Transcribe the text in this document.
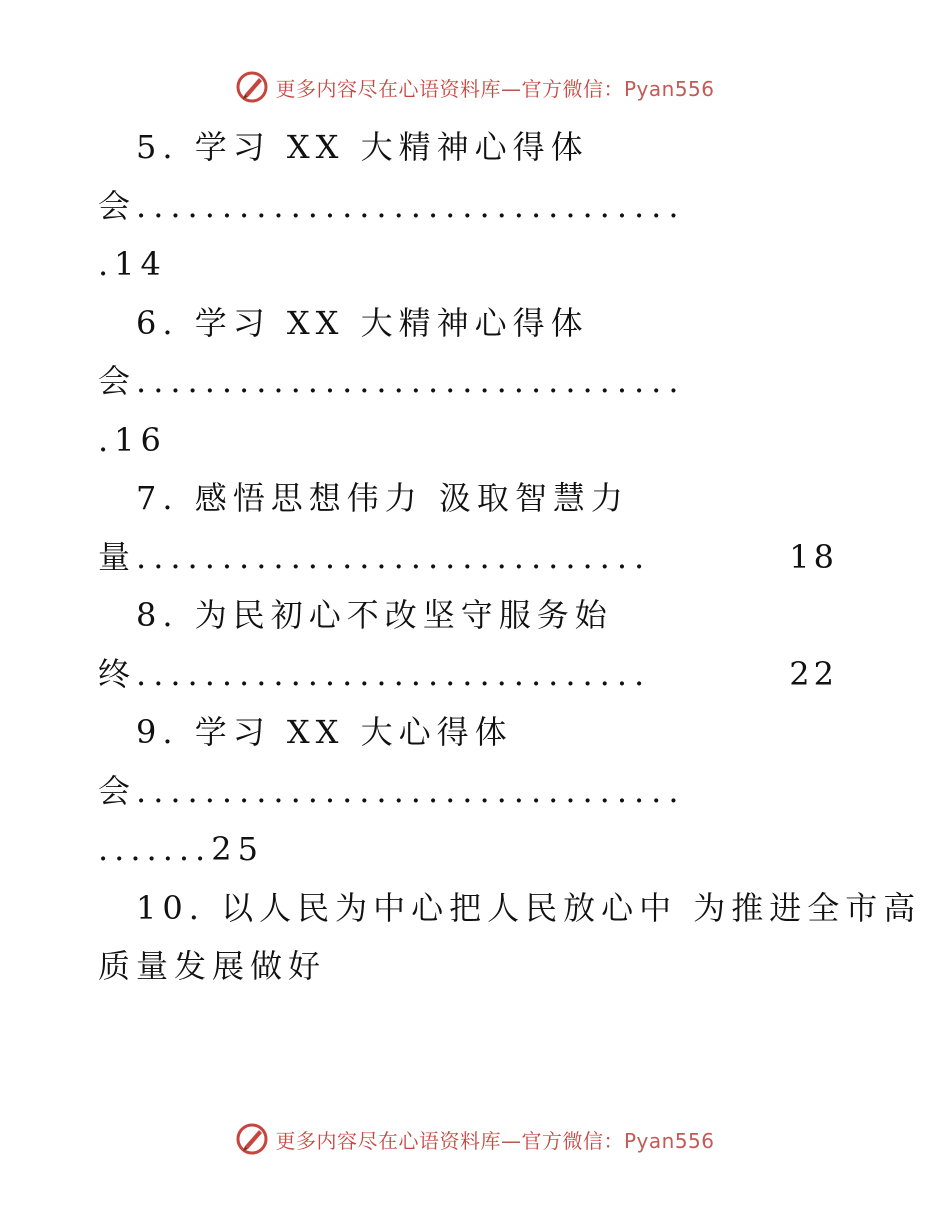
更多内容尽在心语资料库—官方微信：Pyan556
5. 学习 XX 大精神心得体
会 ................................
.14
6. 学习 XX 大精神心得体
会 ................................
.16
7. 感悟思想伟力 汲取智慧力
量 ..............................	18
8. 为民初心不改坚守服务始
终 ..............................	22
9. 学习 XX 大心得体
会 ................................
.......25
10. 以人民为中心把人民放心中 为推进全市高
质量发展做好
更多内容尽在心语资料库—官方微信：Pyan556
